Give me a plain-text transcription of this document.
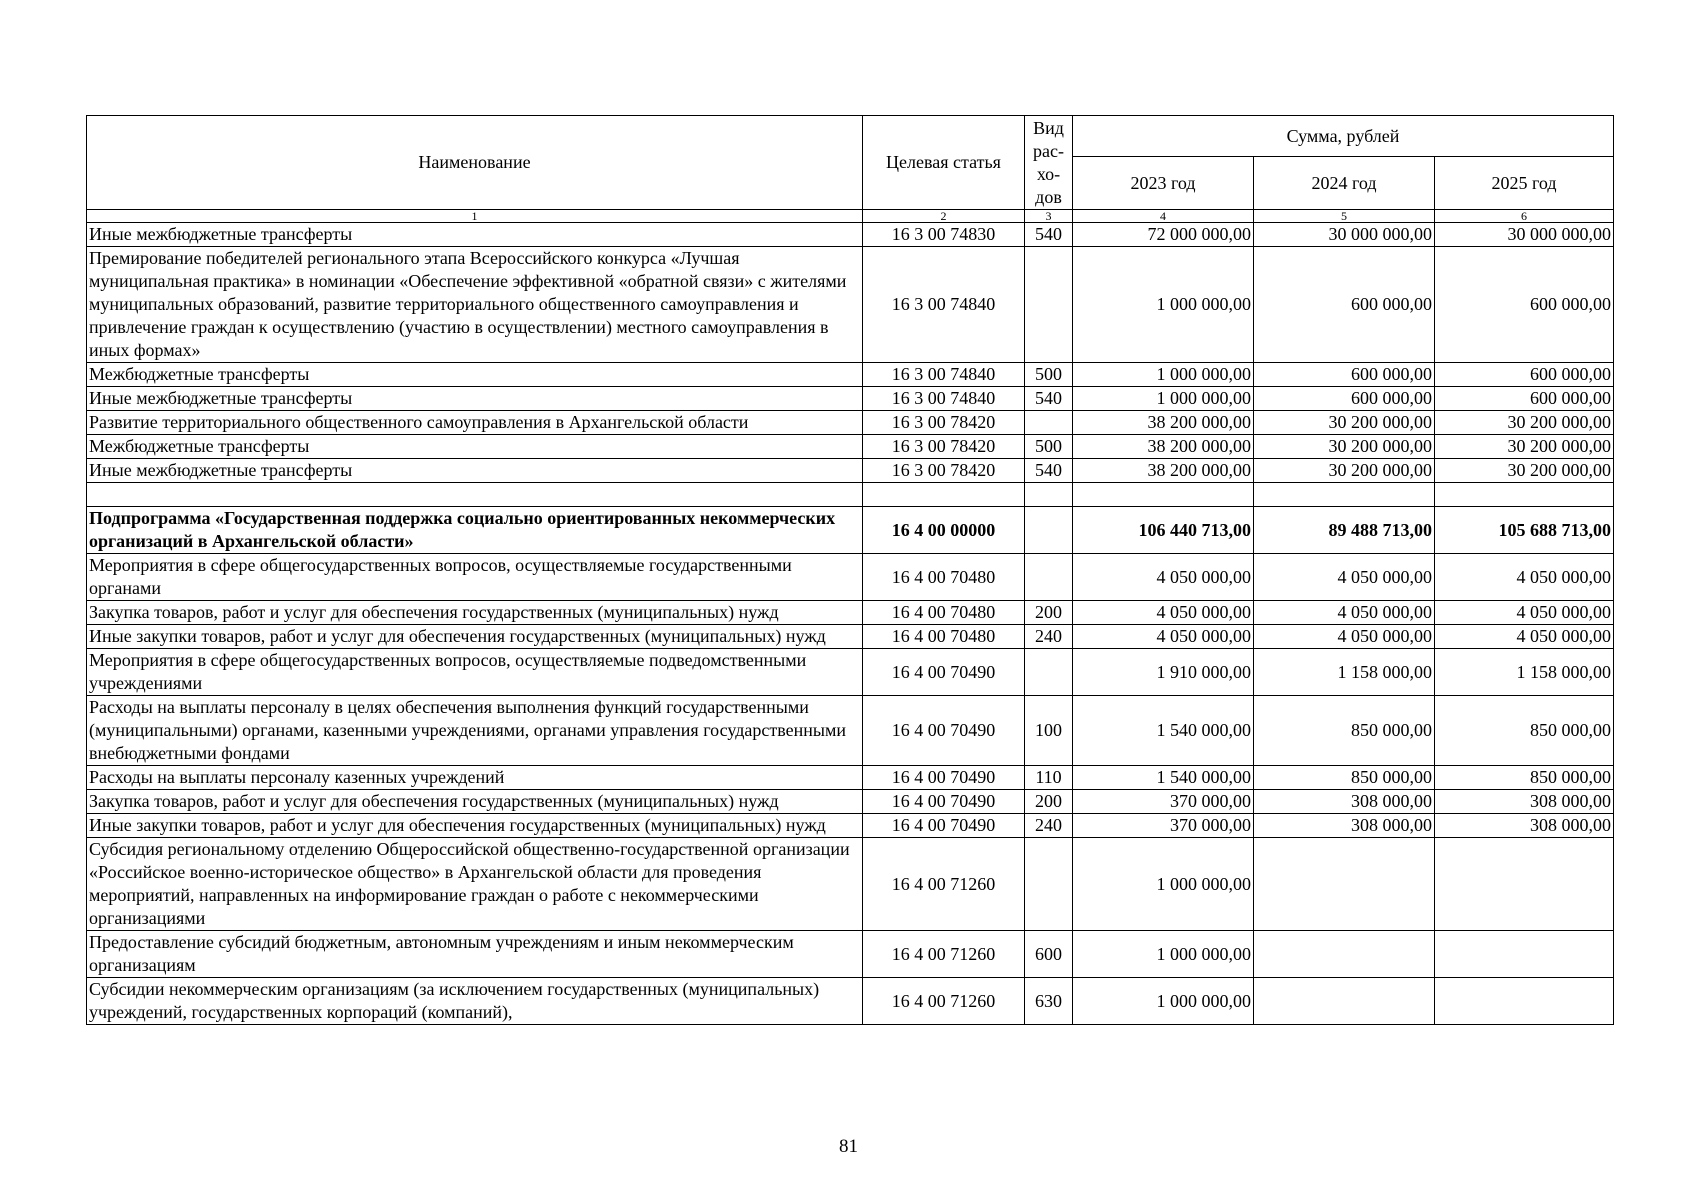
Наименование	Целевая статья	Вид
рас-
хо-
дов	Сумма, рублей		
			2023 год	2024 год	2025 год
1	2	3	4	5	6
Иные межбюджетные трансферты	16 3 00 74830	540	72 000 000,00	30 000 000,00	30 000 000,00
Премирование победителей регионального этапа Всероссийского конкурса «Лучшая муниципальная практика» в номинации «Обеспечение эффективной «обратной связи» с жителями муниципальных образований, развитие территориального общественного самоуправления и привлечение граждан к осуществлению (участию в осуществлении) местного самоуправления в иных формах»	16 3 00 74840		1 000 000,00	600 000,00	600 000,00
Межбюджетные трансферты	16 3 00 74840	500	1 000 000,00	600 000,00	600 000,00
Иные межбюджетные трансферты	16 3 00 74840	540	1 000 000,00	600 000,00	600 000,00
Развитие территориального общественного самоуправления в Архангельской области	16 3 00 78420		38 200 000,00	30 200 000,00	30 200 000,00
Межбюджетные трансферты	16 3 00 78420	500	38 200 000,00	30 200 000,00	30 200 000,00
Иные межбюджетные трансферты	16 3 00 78420	540	38 200 000,00	30 200 000,00	30 200 000,00

Подпрограмма «Государственная поддержка социально ориентированных некоммерческих организаций в Архангельской области»	16 4 00 00000		106 440 713,00	89 488 713,00	105 688 713,00
Мероприятия в сфере общегосударственных вопросов, осуществляемые государственными органами	16 4 00 70480		4 050 000,00	4 050 000,00	4 050 000,00
Закупка товаров, работ и услуг для обеспечения государственных (муниципальных) нужд	16 4 00 70480	200	4 050 000,00	4 050 000,00	4 050 000,00
Иные закупки товаров, работ и услуг для обеспечения государственных (муниципальных) нужд	16 4 00 70480	240	4 050 000,00	4 050 000,00	4 050 000,00
Мероприятия в сфере общегосударственных вопросов, осуществляемые подведомственными учреждениями	16 4 00 70490		1 910 000,00	1 158 000,00	1 158 000,00
Расходы на выплаты персоналу в целях обеспечения выполнения функций государственными (муниципальными) органами, казенными учреждениями, органами управления государственными внебюджетными фондами	16 4 00 70490	100	1 540 000,00	850 000,00	850 000,00
Расходы на выплаты персоналу казенных учреждений	16 4 00 70490	110	1 540 000,00	850 000,00	850 000,00
Закупка товаров, работ и услуг для обеспечения государственных (муниципальных) нужд	16 4 00 70490	200	370 000,00	308 000,00	308 000,00
Иные закупки товаров, работ и услуг для обеспечения государственных (муниципальных) нужд	16 4 00 70490	240	370 000,00	308 000,00	308 000,00
Субсидия региональному отделению Общероссийской общественно-государственной организации «Российское военно-историческое общество» в Архангельской области для проведения мероприятий, направленных на информирование граждан о работе с некоммерческими организациями	16 4 00 71260		1 000 000,00		
Предоставление субсидий бюджетным, автономным учреждениям и иным некоммерческим организациям	16 4 00 71260	600	1 000 000,00		
Субсидии некоммерческим организациям (за исключением государственных (муниципальных) учреждений, государственных корпораций (компаний),	16 4 00 71260	630	1 000 000,00		
81
